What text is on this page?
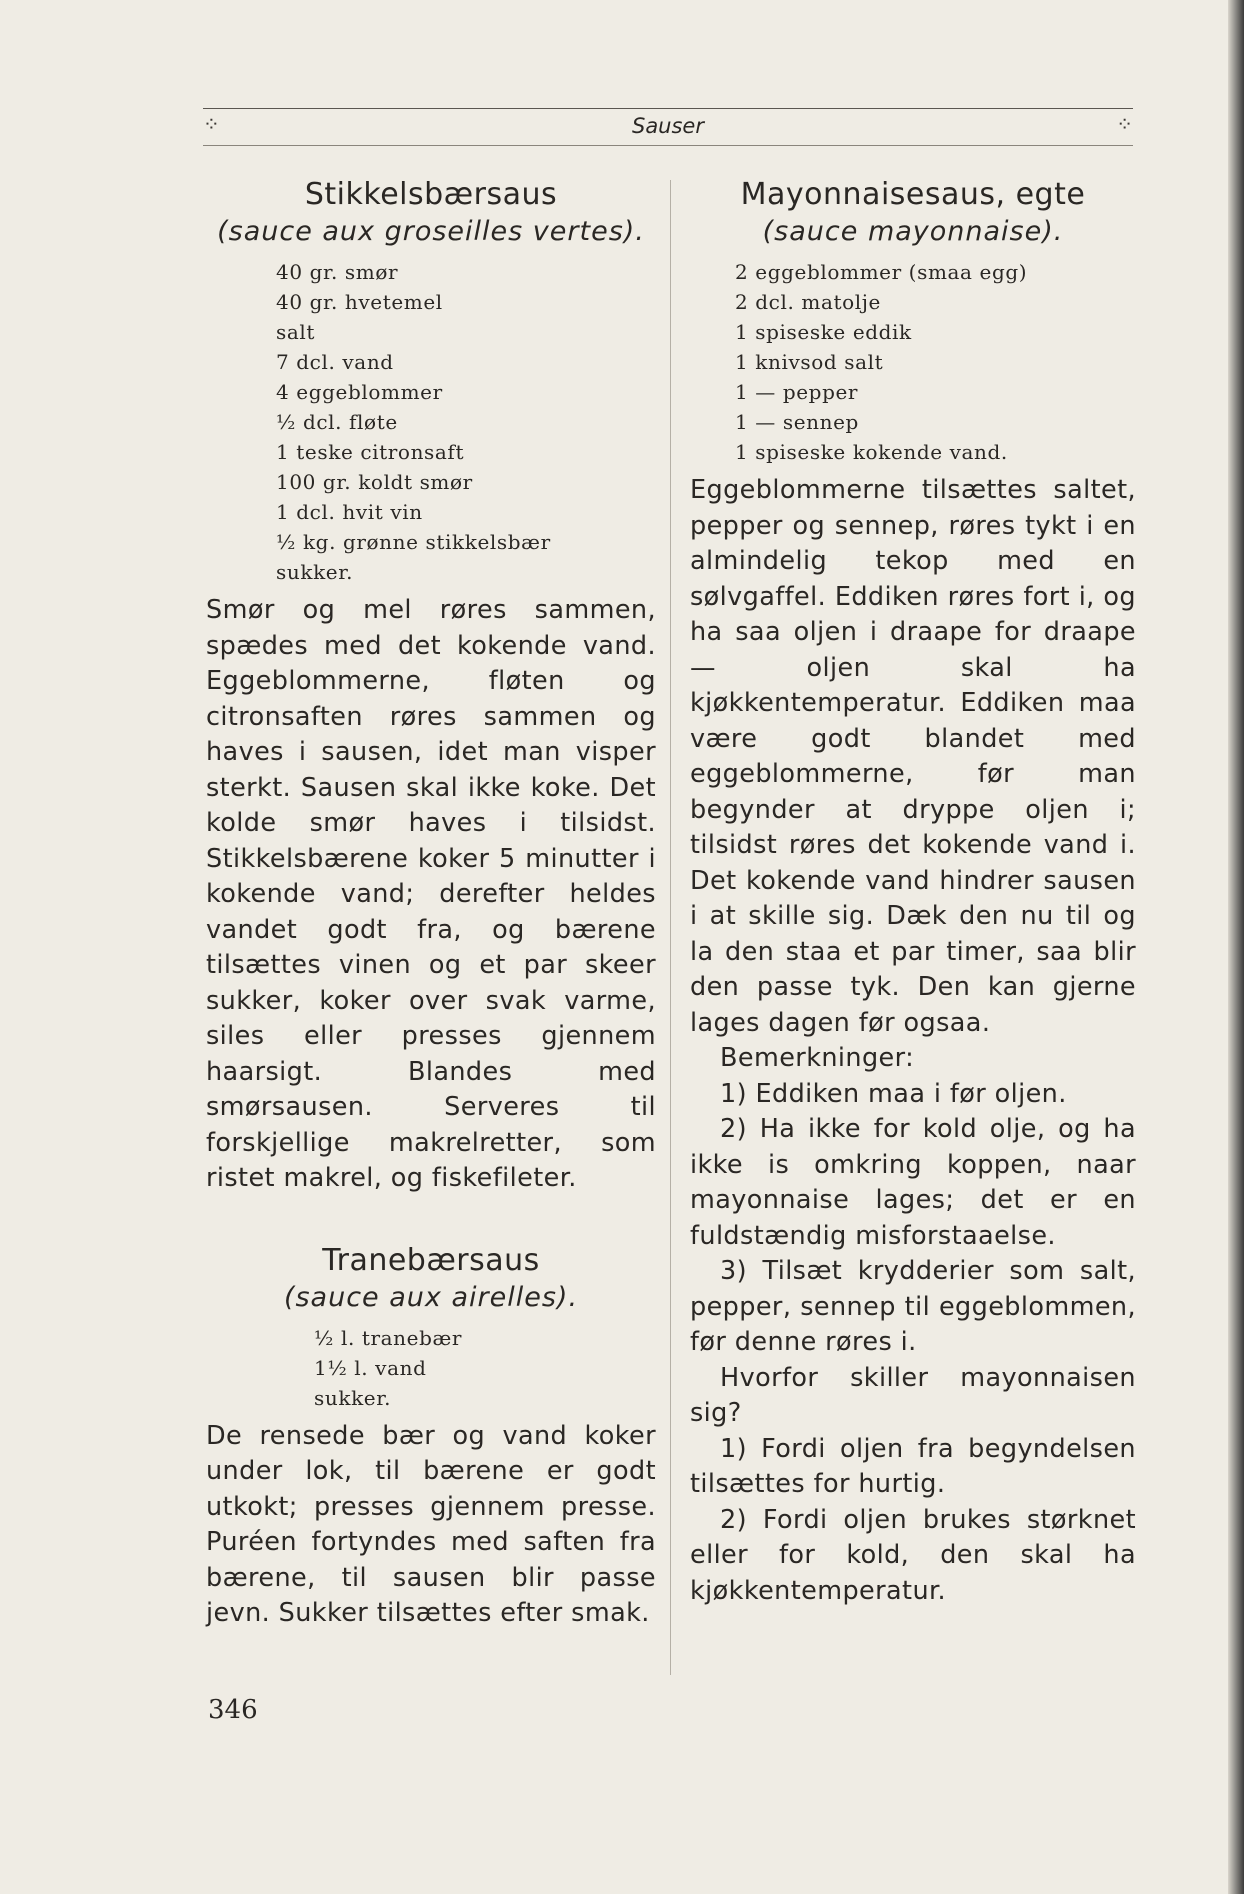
⁘	Sauser	⁘
Stikkelsbærsaus
(sauce aux groseilles vertes).
40 gr. smør
40 gr. hvetemel
salt
7 dcl. vand
4 eggeblommer
½ dcl. fløte
1 teske citronsaft
100 gr. koldt smør
1 dcl. hvit vin
½ kg. grønne stikkelsbær
sukker.

Smør og mel røres sammen, spædes med det kokende vand. Eggeblommerne, fløten og citronsaften røres sammen og haves i sausen, idet man visper sterkt. Sausen skal ikke koke. Det kolde smør haves i tilsidst. Stikkelsbærene koker 5 minutter i kokende vand; derefter heldes vandet godt fra, og bærene tilsættes vinen og et par skeer sukker, koker over svak varme, siles eller presses gjennem haarsigt. Blandes med smørsausen. Serveres til forskjellige makrelretter, som ristet makrel, og fiskefileter.

Tranebærsaus
(sauce aux airelles).
½ l. tranebær
1½ l. vand
sukker.

De rensede bær og vand koker under lok, til bærene er godt utkokt; presses gjennem presse. Puréen fortyndes med saften fra bærene, til sausen blir passe jevn. Sukker tilsættes efter smak.

Mayonnaisesaus, egte
(sauce mayonnaise).
2 eggeblommer (smaa egg)
2 dcl. matolje
1 spiseske eddik
1 knivsod salt
1 — pepper
1 — sennep
1 spiseske kokende vand.

Eggeblommerne tilsættes saltet, pepper og sennep, røres tykt i en almindelig tekop med en sølvgaffel. Eddiken røres fort i, og ha saa oljen i draape for draape — oljen skal ha kjøkkentemperatur. Eddiken maa være godt blandet med eggeblommerne, før man begynder at dryppe oljen i; tilsidst røres det kokende vand i. Det kokende vand hindrer sausen i at skille sig. Dæk den nu til og la den staa et par timer, saa blir den passe tyk. Den kan gjerne lages dagen før ogsaa.

Bemerkninger:

1) Eddiken maa i før oljen.

2) Ha ikke for kold olje, og ha ikke is omkring koppen, naar mayonnaise lages; det er en fuldstændig misforstaaelse.

3) Tilsæt krydderier som salt, pepper, sennep til eggeblommen, før denne røres i.

Hvorfor skiller mayonnaisen sig?

1) Fordi oljen fra begyndelsen tilsættes for hurtig.

2) Fordi oljen brukes størknet eller for kold, den skal ha kjøkkentemperatur.

346
